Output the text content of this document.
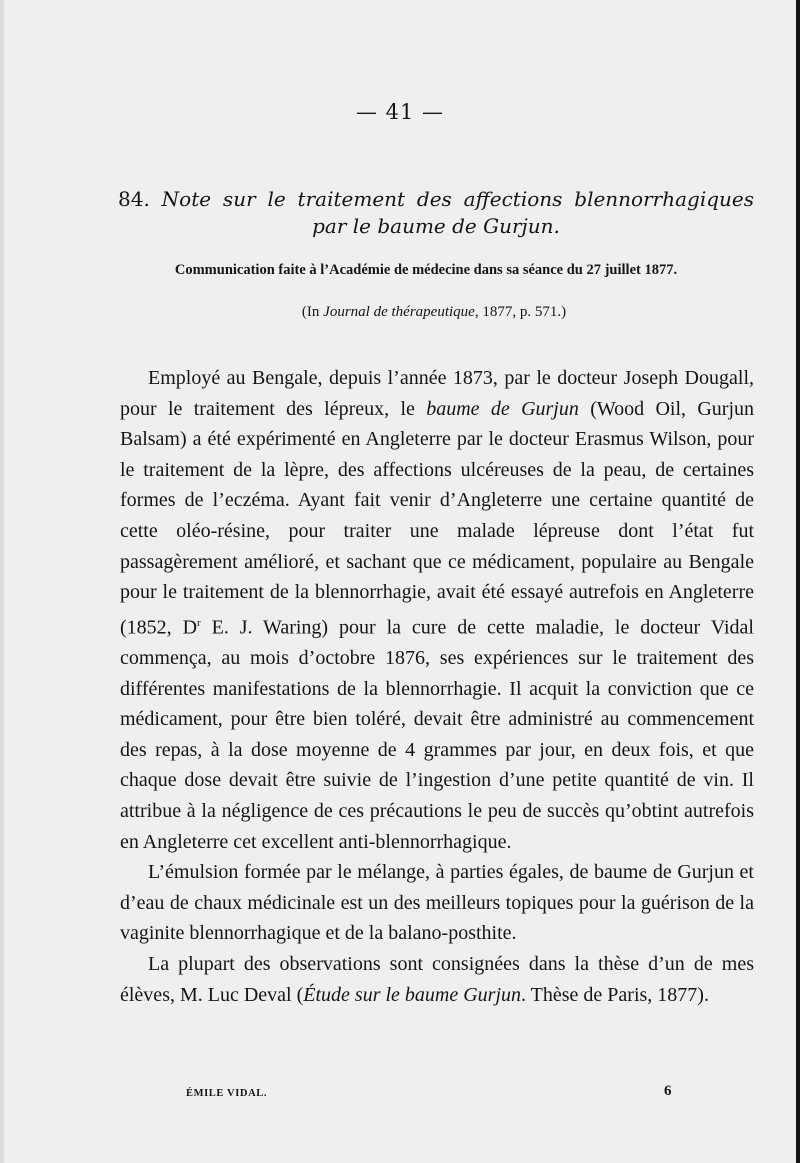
— 41 —
84. Note sur le traitement des affections blennorrhagiques par le baume de Gurjun.
Communication faite à l’Académie de médecine dans sa séance du 27 juillet 1877.
(In Journal de thérapeutique, 1877, p. 571.)

Employé au Bengale, depuis l’année 1873, par le docteur Joseph Dougall, pour le traitement des lépreux, le baume de Gurjun (Wood Oil, Gurjun Balsam) a été expérimenté en Angleterre par le docteur Erasmus Wilson, pour le traitement de la lèpre, des affections ulcéreuses de la peau, de certaines formes de l’eczéma. Ayant fait venir d’Angleterre une certaine quantité de cette oléo-résine, pour traiter une malade lépreuse dont l’état fut passagèrement amélioré, et sachant que ce médicament, populaire au Bengale pour le traitement de la blennorrhagie, avait été essayé autrefois en Angleterre (1852, $D^r$ E. J. Waring) pour la cure de cette maladie, le docteur Vidal commença, au mois d’octobre 1876, ses expériences sur le traitement des différentes manifestations de la blennorrhagie. Il acquit la conviction que ce médicament, pour être bien toléré, devait être administré au commencement des repas, à la dose moyenne de 4 grammes par jour, en deux fois, et que chaque dose devait être suivie de l’ingestion d’une petite quantité de vin. Il attribue à la négligence de ces précautions le peu de succès qu’obtint autrefois en Angleterre cet excellent anti-blennorrhagique.

L’émulsion formée par le mélange, à parties égales, de baume de Gurjun et d’eau de chaux médicinale est un des meilleurs topiques pour la guérison de la vaginite blennorrhagique et de la balano-posthite.

La plupart des observations sont consignées dans la thèse d’un de mes élèves, M. Luc Deval (Étude sur le baume Gurjun. Thèse de Paris, 1877).

ÉMILE VIDAL.	6
